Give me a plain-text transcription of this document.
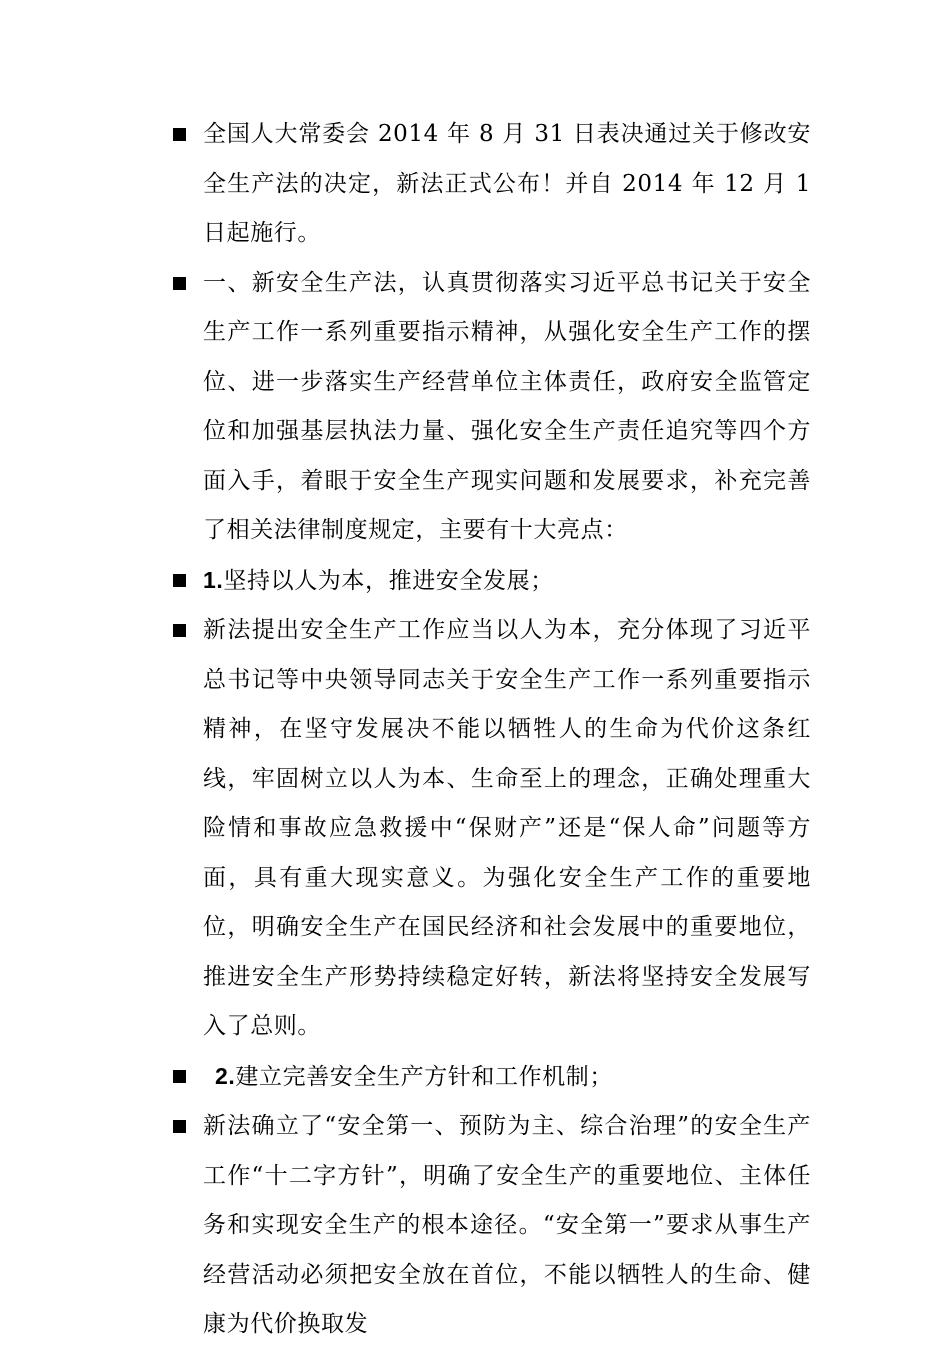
全国人大常委会 2014 年 8 月 31 日表决通过关于修改安全生产法的决定，新法正式公布！并自 2014 年 12 月 1 日起施行。
一、新安全生产法，认真贯彻落实习近平总书记关于安全生产工作一系列重要指示精神，从强化安全生产工作的摆位、进一步落实生产经营单位主体责任，政府安全监管定位和加强基层执法力量、强化安全生产责任追究等四个方面入手，着眼于安全生产现实问题和发展要求，补充完善了相关法律制度规定，主要有十大亮点：
1.坚持以人为本，推进安全发展；
新法提出安全生产工作应当以人为本，充分体现了习近平总书记等中央领导同志关于安全生产工作一系列重要指示精神，在坚守发展决不能以牺牲人的生命为代价这条红线，牢固树立以人为本、生命至上的理念，正确处理重大险情和事故应急救援中“保财产”还是“保人命”问题等方面，具有重大现实意义。为强化安全生产工作的重要地位，明确安全生产在国民经济和社会发展中的重要地位，推进安全生产形势持续稳定好转，新法将坚持安全发展写入了总则。
2.建立完善安全生产方针和工作机制；
新法确立了“安全第一、预防为主、综合治理”的安全生产工作“十二字方针”，明确了安全生产的重要地位、主体任务和实现安全生产的根本途径。“安全第一”要求从事生产经营活动必须把安全放在首位，不能以牺牲人的生命、健康为代价换取发
